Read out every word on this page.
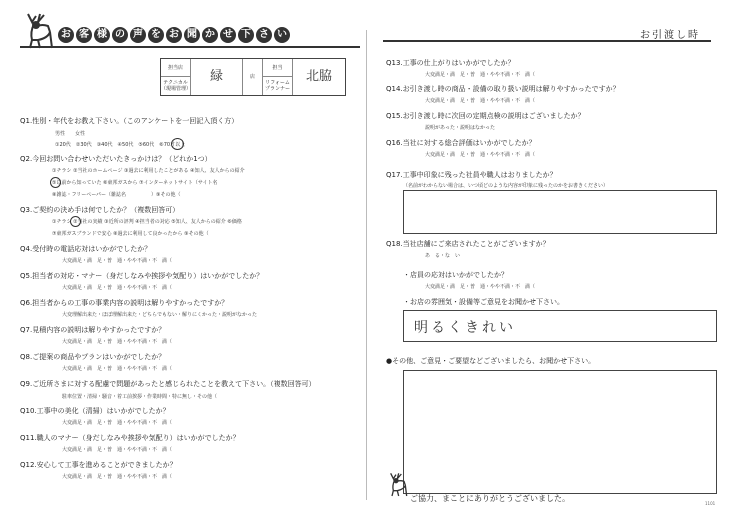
お 客 様 の 声 を お 聞 か せ 下 さ い	お引渡し時
担当店
緑	店
担当
北脇
テクニカル（現場管理）
リフォームプランナー
Q1.性別・年代をお教え下さい。（このアンケートを一回記入頂く方）
男性　　女性
①20代　②30代　③40代　④50代　⑤60代　⑥70才以上
Q2.今回お問い合わせいただいたきっかけは？（どれか1つ）
①チラシ ②当社のホームページ ③過去に利用したことがある ④知人、友人からの紹介
⑤以前から知っていた ⑥東邦ガスから ⑦インターネットサイト（サイト名
⑧雑誌・フリーペーパー（雑誌名　　　　　）⑨その他（
Q3.ご契約の決め手は何でしたか？（複数回答可）
①チラシ ②当社の実績 ③近所の評判 ④担当者の対応 ⑤知人、友人からの紹介 ⑥価格
⑦東邦ガスブランドで安心 ⑧過去に利用して良かったから ⑨その他（
Q4.受付時の電話応対はいかがでしたか？
大変満足・満　足・普　通・やや不満・不　満（
Q5.担当者の対応・マナー（身だしなみや挨拶や気配り）はいかがでしたか？
大変満足・満　足・普　通・やや不満・不　満（
Q6.担当者からの工事の事業内容の説明は解りやすかったですか？
大変理解出来た・ほぼ理解出来た・どちらでもない・解りにくかった・説明がなかった
Q7.見積内容の説明は解りやすかったですか？
大変満足・満　足・普　通・やや不満・不　満（
Q8.ご提案の商品やプランはいかがでしたか？
大変満足・満　足・普　通・やや不満・不　満（
Q9.ご近所さまに対する配慮で問題があったと感じられたことを教えて下さい。（複数回答可）
駐車位置・清掃・騒音・着工前挨拶・作業時間・特に無し・その他（
Q10.工事中の美化（清掃）はいかがでしたか？
大変満足・満　足・普　通・やや不満・不　満（
Q11.職人のマナー（身だしなみや挨拶や気配り）はいかがでしたか？
大変満足・満　足・普　通・やや不満・不　満（
Q12.安心して工事を進めることができましたか？
大変満足・満　足・普　通・やや不満・不　満（
Q13.工事の仕上がりはいかがでしたか？
大変満足・満　足・普　通・やや不満・不　満（
Q14.お引き渡し時の商品・設備の取り扱い説明は解りやすかったですか？
大変満足・満　足・普　通・やや不満・不　満（
Q15.お引き渡し時に次回の定期点検の説明はございましたか？
説明があった・説明はなかった
Q16.当社に対する総合評価はいかがでしたか？
大変満足・満　足・普　通・やや不満・不　満（
Q17.工事中印象に残った社員や職人はおりましたか？
（名前がわからない場合は、いつ頃どのような内容が印象に残ったのかをお書きください）
Q18.当社店舗にご来店されたことがございますか？
あ　る・な　い
・店員の応対はいかがでしたか？
大変満足・満　足・普　通・やや不満・不　満（
・お店の雰囲気・設備等ご意見をお聞かせ下さい。
明るくきれい
●その他、ご意見・ご要望などございましたら、お聞かせ下さい。
ご協力、まことにありがとうございました。
1101
